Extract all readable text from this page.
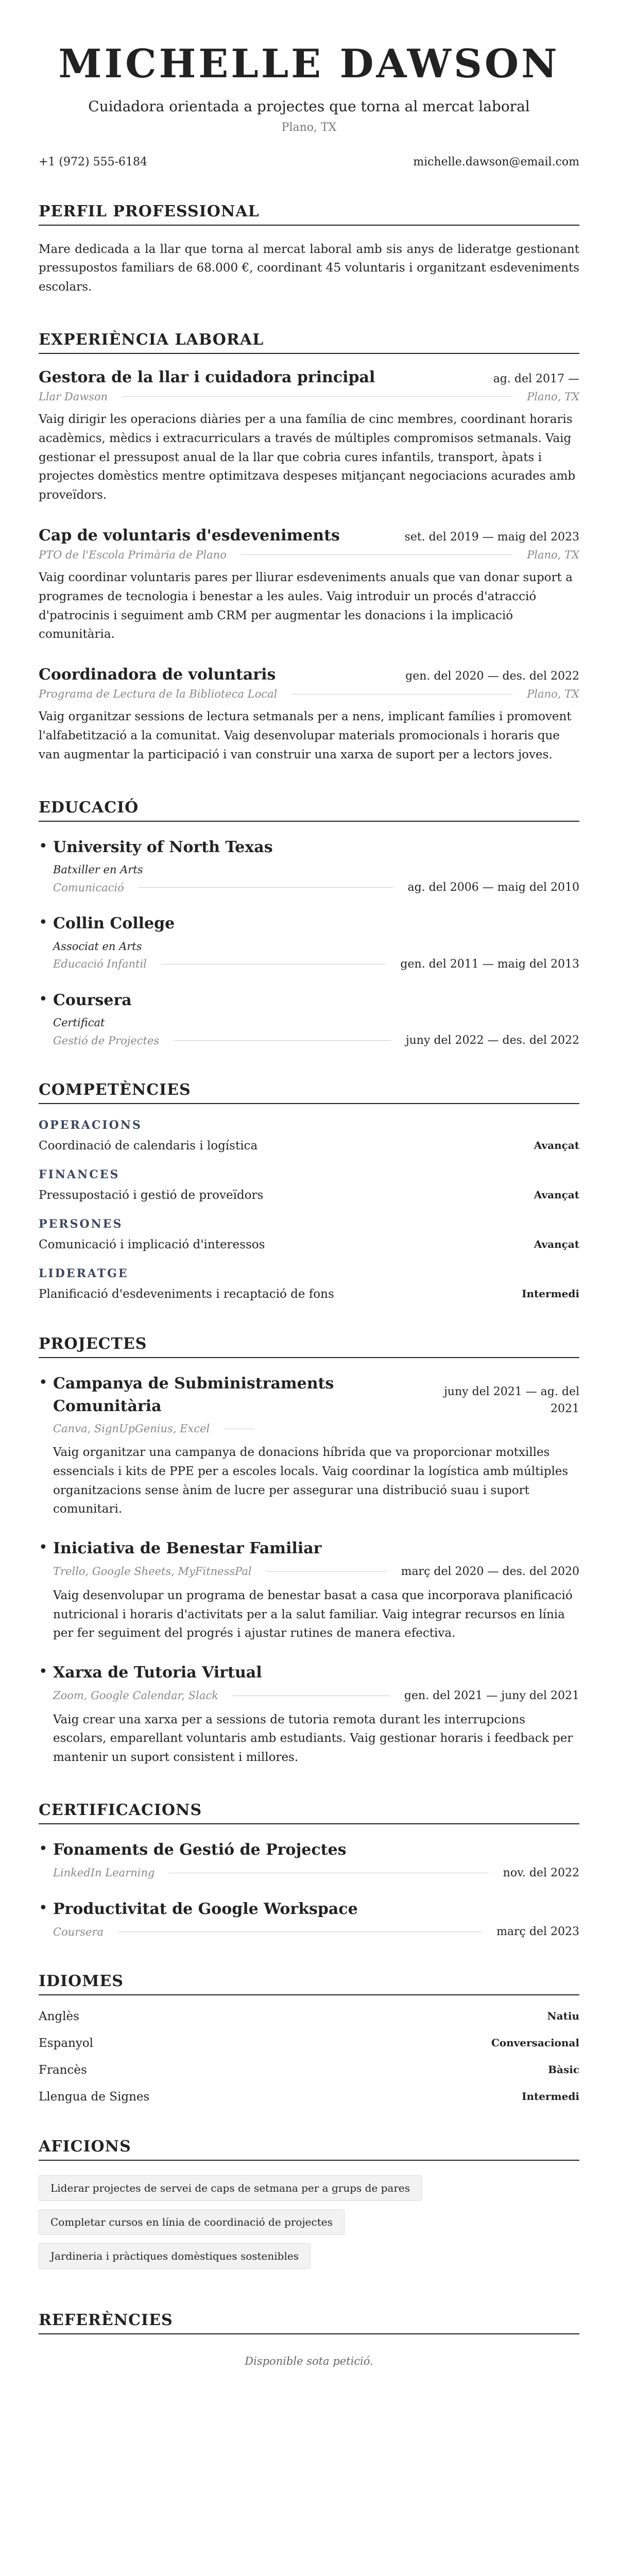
MICHELLE DAWSON
Cuidadora orientada a projectes que torna al mercat laboral
Plano, TX
+1 (972) 555-6184	michelle.dawson@email.com
PERFIL PROFESSIONAL
Mare dedicada a la llar que torna al mercat laboral amb sis anys de lideratge gestionant pressupostos familiars de 68.000 €, coordinant 45 voluntaris i organitzant esdeveniments escolars.
EXPERIÈNCIA LABORAL
Gestora de la llar i cuidadora principal	ag. del 2017 —
Llar Dawson	Plano, TX
Vaig dirigir les operacions diàries per a una família de cinc membres, coordinant horaris acadèmics, mèdics i extracurriculars a través de múltiples compromisos setmanals. Vaig gestionar el pressupost anual de la llar que cobria cures infantils, transport, àpats i projectes domèstics mentre optimitzava despeses mitjançant negociacions acurades amb proveïdors.
Cap de voluntaris d'esdeveniments	set. del 2019 — maig del 2023
PTO de l'Escola Primària de Plano	Plano, TX
Vaig coordinar voluntaris pares per lliurar esdeveniments anuals que van donar suport a programes de tecnologia i benestar a les aules. Vaig introduir un procés d'atracció d'patrocinis i seguiment amb CRM per augmentar les donacions i la implicació comunitària.
Coordinadora de voluntaris	gen. del 2020 — des. del 2022
Programa de Lectura de la Biblioteca Local	Plano, TX
Vaig organitzar sessions de lectura setmanals per a nens, implicant famílies i promovent l'alfabetització a la comunitat. Vaig desenvolupar materials promocionals i horaris que van augmentar la participació i van construir una xarxa de suport per a lectors joves.
EDUCACIÓ
• University of North Texas
Batxiller en Arts
Comunicació	ag. del 2006 — maig del 2010
• Collin College
Associat en Arts
Educació Infantil	gen. del 2011 — maig del 2013
• Coursera
Certificat
Gestió de Projectes	juny del 2022 — des. del 2022
COMPETÈNCIES
OPERACIONS
Coordinació de calendaris i logística	Avançat
FINANCES
Pressupostació i gestió de proveïdors	Avançat
PERSONES
Comunicació i implicació d'interessos	Avançat
LIDERATGE
Planificació d'esdeveniments i recaptació de fons	Intermedi
PROJECTES
• Campanya de Subministraments Comunitària
juny del 2021 — ag. del
2021
Canva, SignUpGenius, Excel
Vaig organitzar una campanya de donacions híbrida que va proporcionar motxilles essencials i kits de PPE per a escoles locals. Vaig coordinar la logística amb múltiples organitzacions sense ànim de lucre per assegurar una distribució suau i suport comunitari.
• Iniciativa de Benestar Familiar
Trello, Google Sheets, MyFitnessPal	març del 2020 — des. del 2020
Vaig desenvolupar un programa de benestar basat a casa que incorporava planificació nutricional i horaris d'activitats per a la salut familiar. Vaig integrar recursos en línia per fer seguiment del progrés i ajustar rutines de manera efectiva.
• Xarxa de Tutoria Virtual
Zoom, Google Calendar, Slack	gen. del 2021 — juny del 2021
Vaig crear una xarxa per a sessions de tutoria remota durant les interrupcions escolars, emparellant voluntaris amb estudiants. Vaig gestionar horaris i feedback per mantenir un suport consistent i millores.
CERTIFICACIONS
• Fonaments de Gestió de Projectes
LinkedIn Learning	nov. del 2022
• Productivitat de Google Workspace
Coursera	març del 2023
IDIOMES
Anglès	Natiu
Espanyol	Conversacional
Francès	Bàsic
Llengua de Signes	Intermedi
AFICIONS
Liderar projectes de servei de caps de setmana per a grups de pares
Completar cursos en línia de coordinació de projectes
Jardineria i pràctiques domèstiques sostenibles
REFERÈNCIES
Disponible sota petició.
